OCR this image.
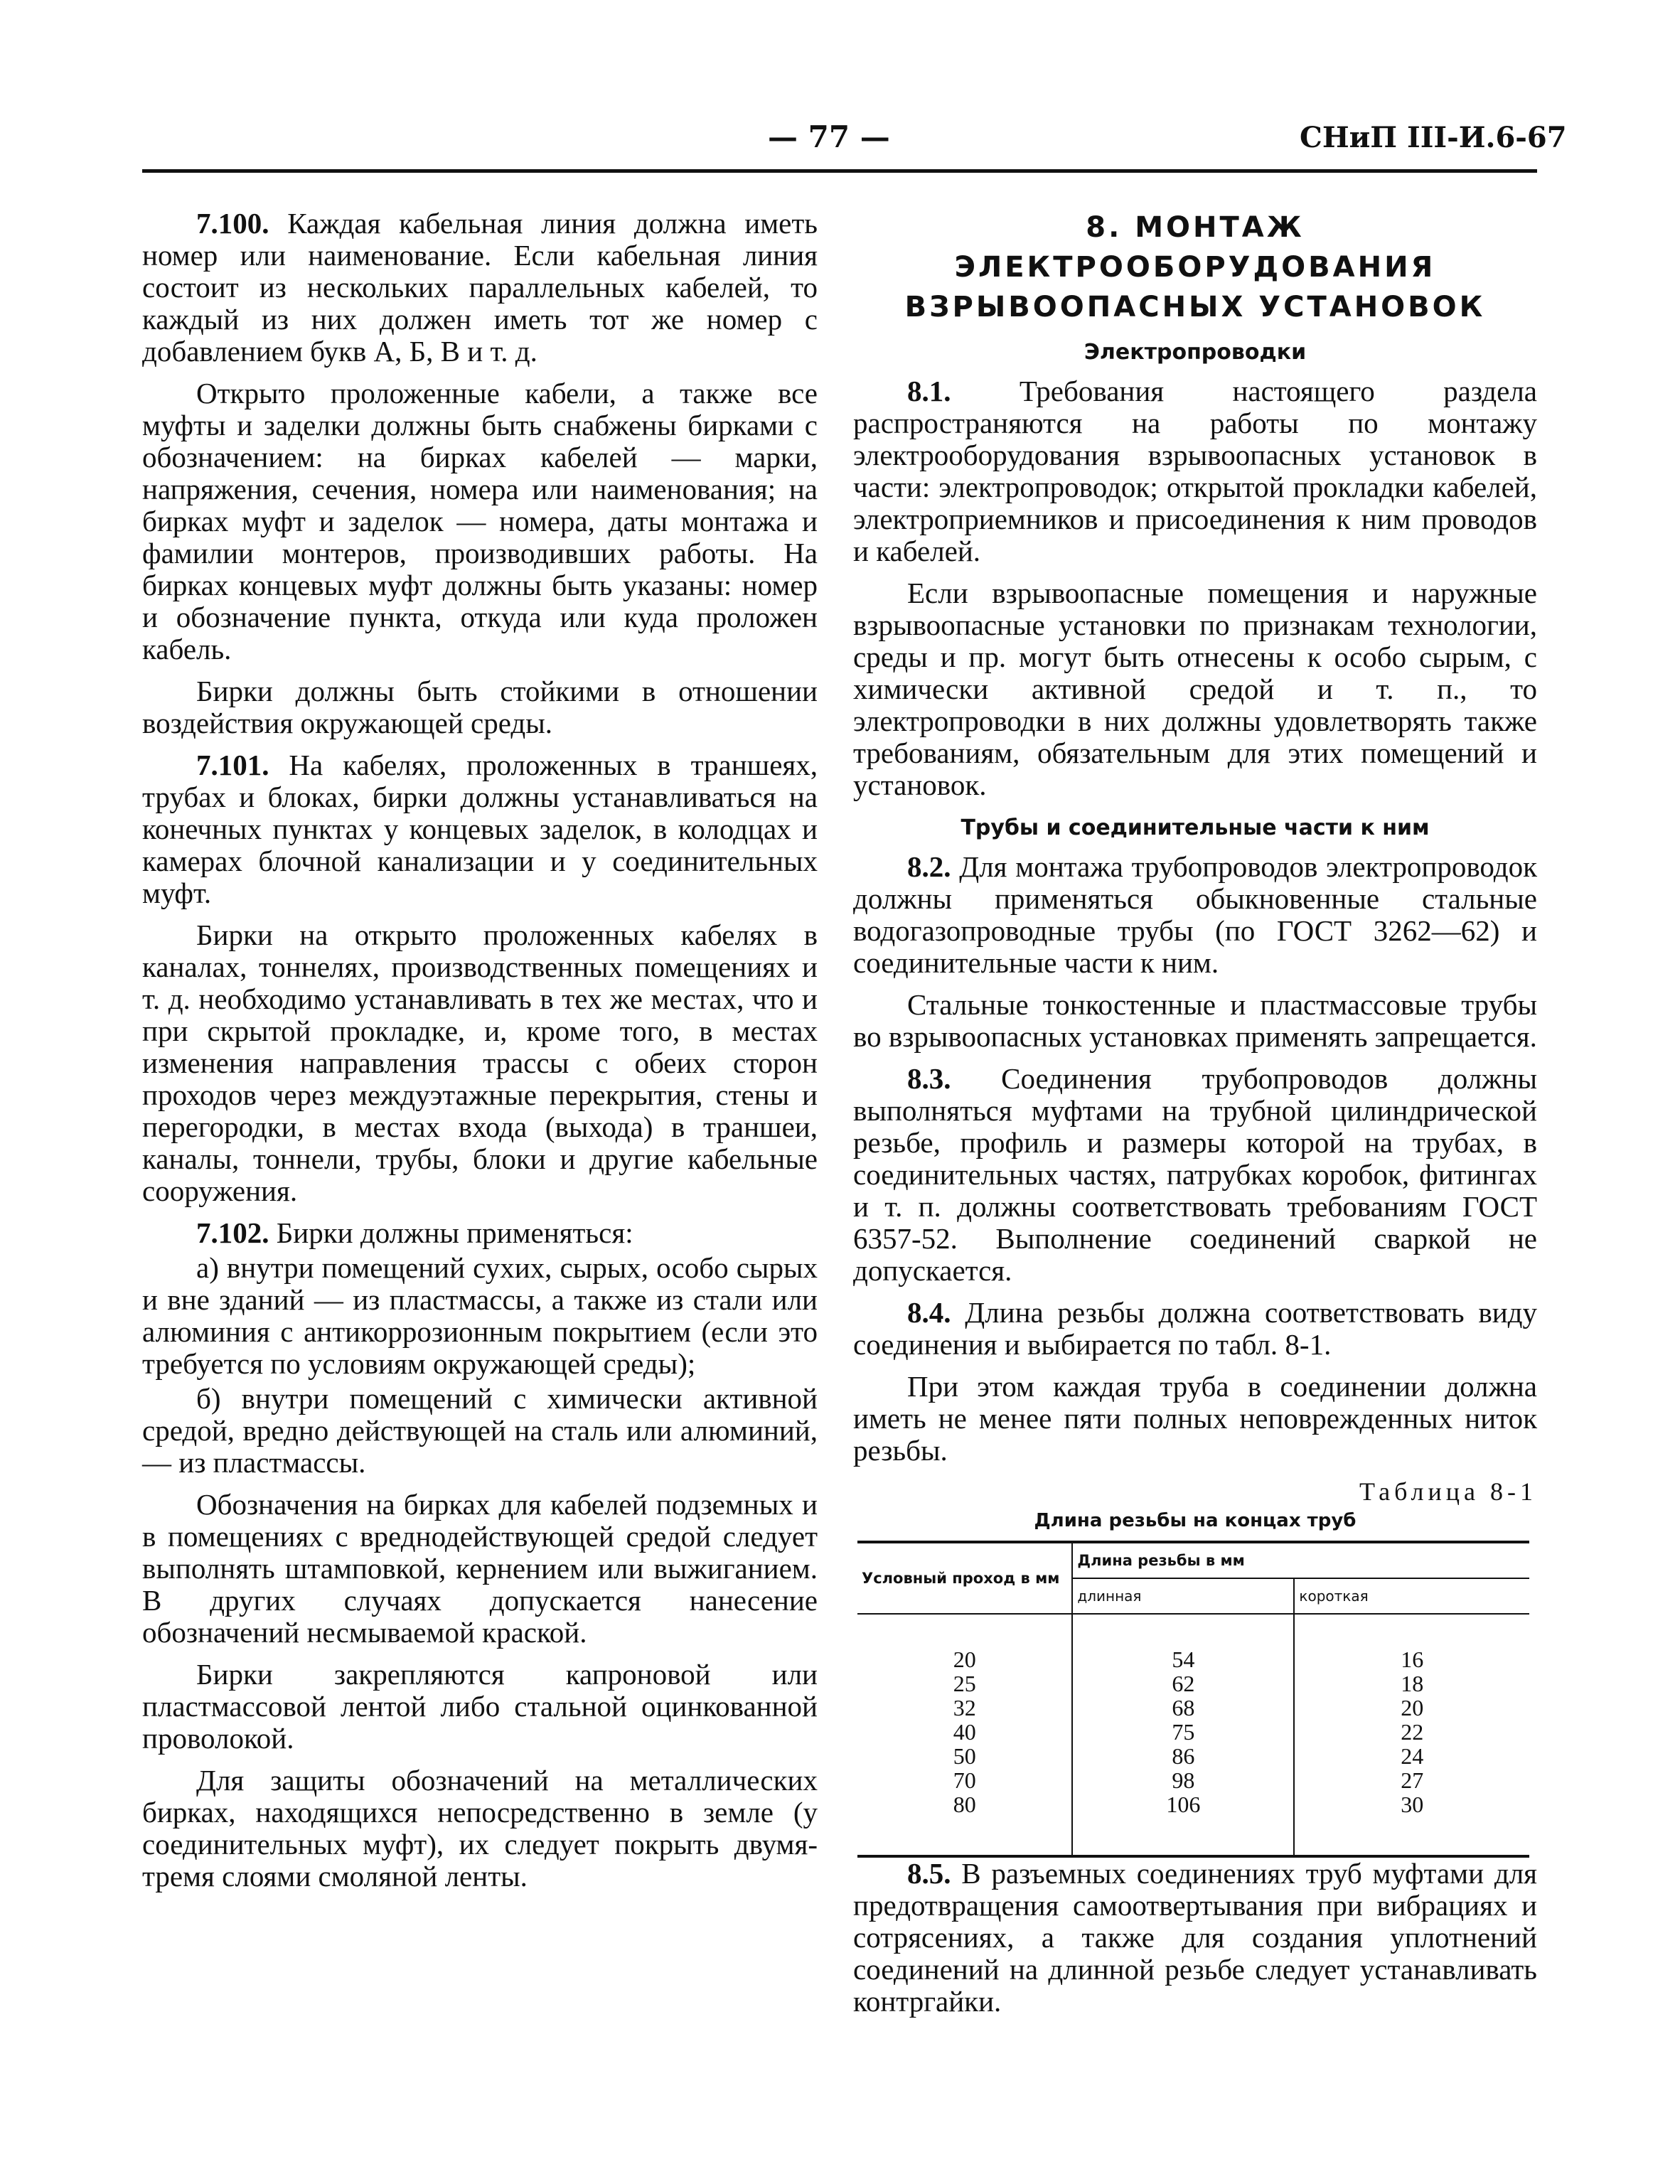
— 77 —	СНиП III-И.6-67

7.100. Каждая кабельная линия должна иметь номер или наименование. Если кабельная линия состоит из нескольких параллельных кабелей, то каждый из них должен иметь тот же номер с добавлением букв А, Б, В и т. д.

Открыто проложенные кабели, а также все муфты и заделки должны быть снабжены бирками с обозначением: на бирках кабелей — марки, напряжения, сечения, номера или наименования; на бирках муфт и заделок — номера, даты монтажа и фамилии монтеров, производивших работы. На бирках концевых муфт должны быть указаны: номер и обозначение пункта, откуда или куда проложен кабель.

Бирки должны быть стойкими в отношении воздействия окружающей среды.

7.101. На кабелях, проложенных в траншеях, трубах и блоках, бирки должны устанавливаться на конечных пунктах у концевых заделок, в колодцах и камерах блочной канализации и у соединительных муфт.

Бирки на открыто проложенных кабелях в каналах, тоннелях, производственных помещениях и т. д. необходимо устанавливать в тех же местах, что и при скрытой прокладке, и, кроме того, в местах изменения направления трассы с обеих сторон проходов через междуэтажные перекрытия, стены и перегородки, в местах входа (выхода) в траншеи, каналы, тоннели, трубы, блоки и другие кабельные сооружения.

7.102. Бирки должны применяться:

а) внутри помещений сухих, сырых, особо сырых и вне зданий — из пластмассы, а также из стали или алюминия с антикоррозионным покрытием (если это требуется по условиям окружающей среды);

б) внутри помещений с химически активной средой, вредно действующей на сталь или алюминий, — из пластмассы.

Обозначения на бирках для кабелей подземных и в помещениях с вреднодействующей средой следует выполнять штамповкой, кернением или выжиганием. В других случаях допускается нанесение обозначений несмываемой краской.

Бирки закрепляются капроновой или пластмассовой лентой либо стальной оцинкованной проволокой.

Для защиты обозначений на металлических бирках, находящихся непосредственно в земле (у соединительных муфт), их следует покрыть двумя-тремя слоями смоляной ленты.

8. МОНТАЖ ЭЛЕКТРООБОРУДОВАНИЯ
ВЗРЫВООПАСНЫХ УСТАНОВОК
Электропроводки

8.1. Требования настоящего раздела распространяются на работы по монтажу электрооборудования взрывоопасных установок в части: электропроводок; открытой прокладки кабелей, электроприемников и присоединения к ним проводов и кабелей.

Если взрывоопасные помещения и наружные взрывоопасные установки по признакам технологии, среды и пр. могут быть отнесены к особо сырым, с химически активной средой и т. п., то электропроводки в них должны удовлетворять также требованиям, обязательным для этих помещений и установок.

Трубы и соединительные части к ним

8.2. Для монтажа трубопроводов электропроводок должны применяться обыкновенные стальные водогазопроводные трубы (по ГОСТ 3262—62) и соединительные части к ним.

Стальные тонкостенные и пластмассовые трубы во взрывоопасных установках применять запрещается.

8.3. Соединения трубопроводов должны выполняться муфтами на трубной цилиндрической резьбе, профиль и размеры которой на трубах, в соединительных частях, патрубках коробок, фитингах и т. п. должны соответствовать требованиям ГОСТ 6357-52. Выполнение соединений сваркой не допускается.

8.4. Длина резьбы должна соответствовать виду соединения и выбирается по табл. 8-1.

При этом каждая труба в соединении должна иметь не менее пяти полных неповрежденных ниток резьбы.

Таблица 8-1
Длина резьбы на концах труб
Условный проход в мм	Длина резьбы в мм	
	длинная	короткая

20	54	16
25	62	18
32	68	20
40	75	22
50	86	24
70	98	27
80	106	30

8.5. В разъемных соединениях труб муфтами для предотвращения самоотвертывания при вибрациях и сотрясениях, а также для создания уплотнений соединений на длинной резьбе следует устанавливать контргайки.
